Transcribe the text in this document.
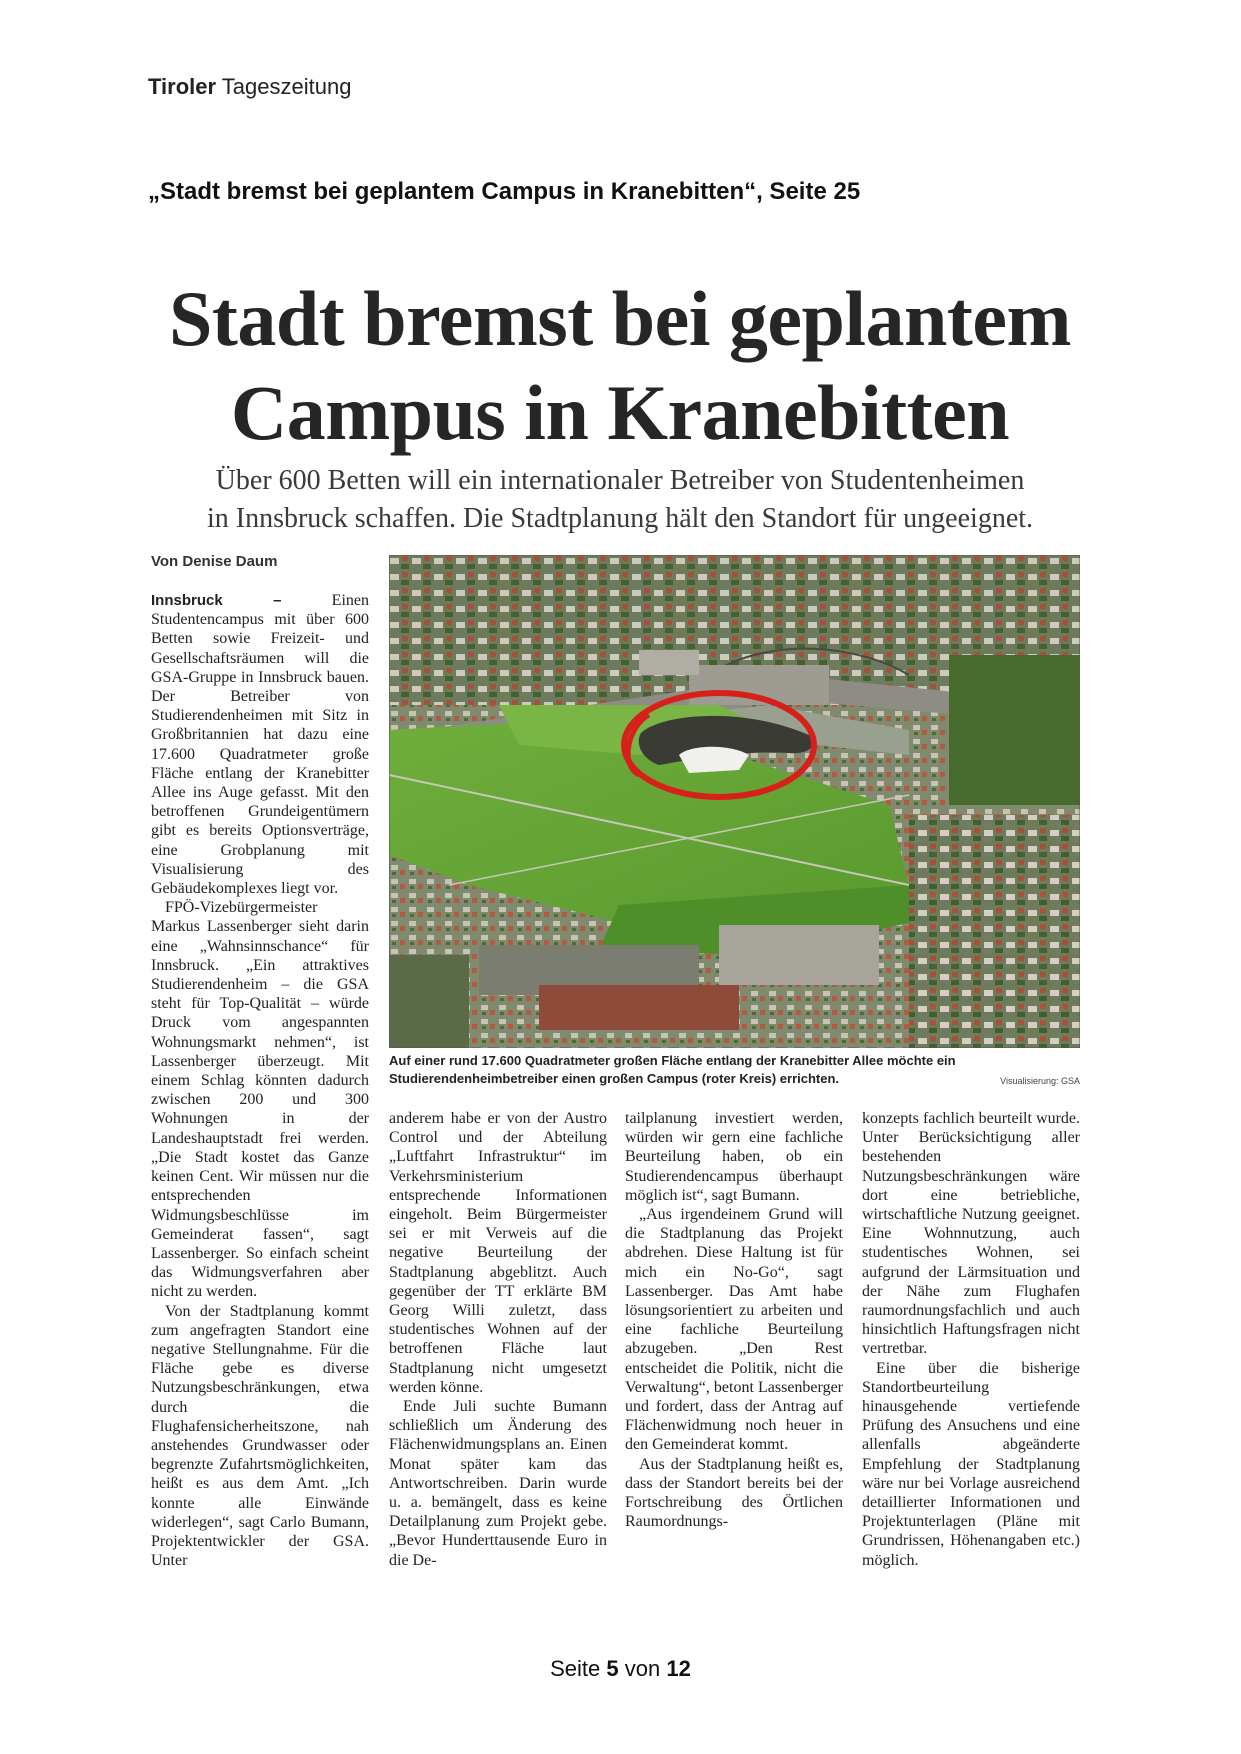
Tiroler Tageszeitung
„Stadt bremst bei geplantem Campus in Kranebitten“, Seite 25
Stadt bremst bei geplantem
Campus in Kranebitten
Über 600 Betten will ein internationaler Betreiber von Studentenheimen
in Innsbruck schaffen. Die Stadtplanung hält den Standort für ungeeignet.
Von Denise Daum

Innsbruck –	Einen Studentencampus mit über 600 Betten sowie Freizeit- und Gesellschaftsräumen will die GSA-Gruppe in Innsbruck bauen. Der Betreiber von Studierendenheimen mit Sitz in Großbritannien hat dazu eine 17.600 Quadratmeter große Fläche entlang der Kranebitter Allee ins Auge gefasst. Mit den betroffenen Grundeigentümern gibt es bereits Optionsverträge, eine Grobplanung mit Visualisierung des Gebäudekomplexes liegt vor.

FPÖ-Vizebürgermeister Markus Lassenberger sieht darin eine „Wahnsinnschance“ für Innsbruck. „Ein attraktives Studierendenheim – die GSA steht für Top-Qualität – würde Druck vom angespannten Wohnungsmarkt nehmen“, ist Lassenberger überzeugt. Mit einem Schlag könnten dadurch zwischen 200 und 300 Wohnungen in der Landeshauptstadt frei werden. „Die Stadt kostet das Ganze keinen Cent. Wir müssen nur die entsprechenden Widmungsbeschlüsse im Gemeinderat fassen“, sagt Lassenberger. So einfach scheint das Widmungsverfahren aber nicht zu werden.

Von der Stadtplanung kommt zum angefragten Standort eine negative Stellungnahme. Für die Fläche gebe es diverse Nutzungsbeschränkungen, etwa durch die Flughafensicherheitszone, nah anstehendes Grundwasser oder begrenzte Zufahrtsmöglichkeiten, heißt es aus dem Amt. „Ich konnte alle Einwände widerlegen“, sagt Carlo Bumann, Projektentwickler der GSA. Unter

Auf einer rund 17.600 Quadratmeter großen Fläche entlang der Kranebitter Allee möchte ein Studierendenheimbetreiber einen großen Campus (roter Kreis) errichten.	Visualisierung: GSA

anderem habe er von der Austro Control und der Abteilung „Luftfahrt Infrastruktur“ im Verkehrsministerium entsprechende Informationen eingeholt. Beim Bürgermeister sei er mit Verweis auf die negative Beurteilung der Stadtplanung abgeblitzt. Auch gegenüber der TT erklärte BM Georg Willi zuletzt, dass studentisches Wohnen auf der betroffenen Fläche laut Stadtplanung nicht umgesetzt werden könne.

Ende Juli suchte Bumann schließlich um Änderung des Flächenwidmungsplans an. Einen Monat später kam das Antwortschreiben. Darin wurde u. a. bemängelt, dass es keine Detailplanung zum Projekt gebe. „Bevor Hunderttausende Euro in die De-

tailplanung investiert werden, würden wir gern eine fachliche Beurteilung haben, ob ein Studierendencampus überhaupt möglich ist“, sagt Bumann.

„Aus irgendeinem Grund will die Stadtplanung das Projekt abdrehen. Diese Haltung ist für mich ein No-Go“, sagt Lassenberger. Das Amt habe lösungsorientiert zu arbeiten und eine fachliche Beurteilung abzugeben. „Den Rest entscheidet die Politik, nicht die Verwaltung“, betont Lassenberger und fordert, dass der Antrag auf Flächenwidmung noch heuer in den Gemeinderat kommt.

Aus der Stadtplanung heißt es, dass der Standort bereits bei der Fortschreibung des Örtlichen Raumordnungs-

konzepts fachlich beurteilt wurde. Unter Berücksichtigung aller bestehenden Nutzungsbeschränkungen wäre dort eine betriebliche, wirtschaftliche Nutzung geeignet. Eine Wohnnutzung, auch studentisches Wohnen, sei aufgrund der Lärmsituation und der Nähe zum Flughafen raumordnungsfachlich und auch hinsichtlich Haftungsfragen nicht vertretbar.

Eine über die bisherige Standortbeurteilung hinausgehende vertiefende Prüfung des Ansuchens und eine allenfalls abgeänderte Empfehlung der Stadtplanung wäre nur bei Vorlage ausreichend detaillierter Informationen und Projektunterlagen (Pläne mit Grundrissen, Höhenangaben etc.) möglich.

Seite 5 von 12
